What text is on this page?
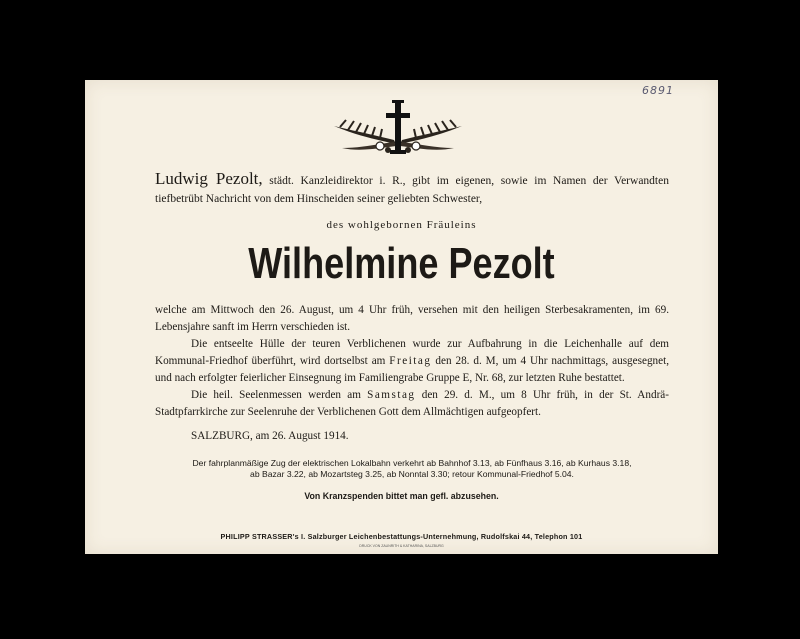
6891
Ludwig Pezolt, städt. Kanzleidirektor i. R., gibt im eigenen, sowie im Namen der Verwandten tiefbetrübt Nachricht von dem Hinscheiden seiner geliebten Schwester,
des wohlgebornen Fräuleins
Wilhelmine Pezolt
welche am Mittwoch den 26. August, um 4 Uhr früh, versehen mit den heiligen Sterbesakramenten, im 69. Lebensjahre sanft im Herrn verschieden ist.
Die entseelte Hülle der teuren Verblichenen wurde zur Aufbahrung in die Leichenhalle auf dem Kommunal-Friedhof überführt, wird dortselbst am Freitag den 28. d. M, um 4 Uhr nachmittags, ausgesegnet, und nach erfolgter feierlicher Einsegnung im Familiengrabe Gruppe E, Nr. 68, zur letzten Ruhe bestattet.
Die heil. Seelenmessen werden am Samstag den 29. d. M., um 8 Uhr früh, in der St. Andrä-Stadtpfarrkirche zur Seelenruhe der Verblichenen Gott dem Allmächtigen aufgeopfert.
SALZBURG, am 26. August 1914.
Der fahrplanmäßige Zug der elektrischen Lokalbahn verkehrt ab Bahnhof 3.13, ab Fünfhaus 3.16, ab Kurhaus 3.18,
ab Bazar 3.22, ab Mozartsteg 3.25, ab Nonntal 3.30; retour Kommunal-Friedhof 5.04.
Von Kranzspenden bittet man gefl. abzusehen.
PHILIPP STRASSER's I. Salzburger Leichenbestattungs-Unternehmung, Rudolfskai 44, Telephon 101
DRUCK VON ZAUNRITH & KATHARINA, SALZBURG
